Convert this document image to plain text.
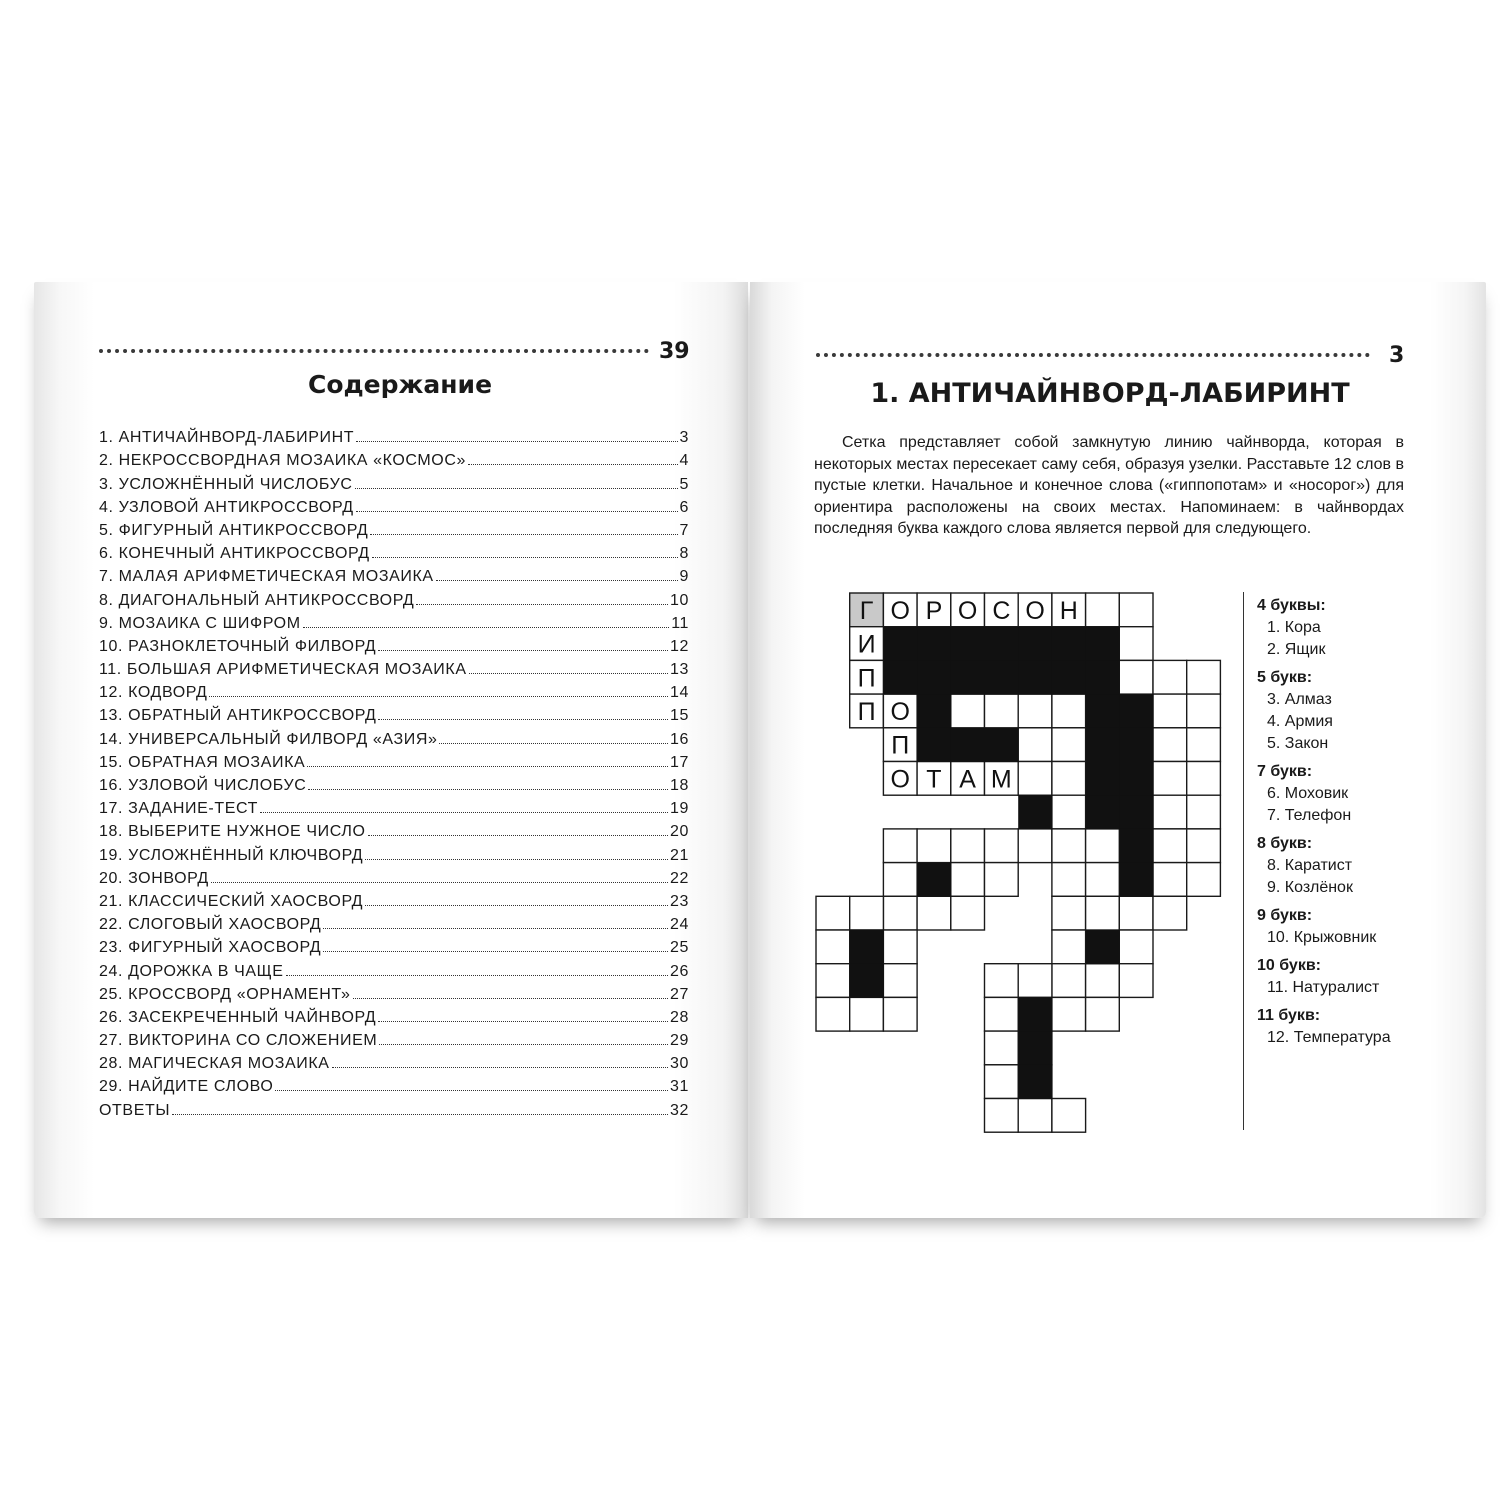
39
Содержание
1. АНТИЧАЙНВОРД-ЛАБИРИНТ	3
2. НЕКРОССВОРДНАЯ МОЗАИКА «КОСМОС»	4
3. УСЛОЖНЁННЫЙ ЧИСЛОБУС	5
4. УЗЛОВОЙ АНТИКРОССВОРД	6
5. ФИГУРНЫЙ АНТИКРОССВОРД	7
6. КОНЕЧНЫЙ АНТИКРОССВОРД	8
7. МАЛАЯ АРИФМЕТИЧЕСКАЯ МОЗАИКА	9
8. ДИАГОНАЛЬНЫЙ АНТИКРОССВОРД	10
9. МОЗАИКА С ШИФРОМ	11
10. РАЗНОКЛЕТОЧНЫЙ ФИЛВОРД	12
11. БОЛЬШАЯ АРИФМЕТИЧЕСКАЯ МОЗАИКА	13
12. КОДВОРД	14
13. ОБРАТНЫЙ АНТИКРОССВОРД	15
14. УНИВЕРСАЛЬНЫЙ ФИЛВОРД «АЗИЯ»	16
15. ОБРАТНАЯ МОЗАИКА	17
16. УЗЛОВОЙ ЧИСЛОБУС	18
17. ЗАДАНИЕ-ТЕСТ	19
18. ВЫБЕРИТЕ НУЖНОЕ ЧИСЛО	20
19. УСЛОЖНЁННЫЙ КЛЮЧВОРД	21
20. ЗОНВОРД	22
21. КЛАССИЧЕСКИЙ ХАОСВОРД	23
22. СЛОГОВЫЙ ХАОСВОРД	24
23. ФИГУРНЫЙ ХАОСВОРД	25
24. ДОРОЖКА В ЧАЩЕ	26
25. КРОССВОРД «ОРНАМЕНТ»	27
26. ЗАСЕКРЕЧЕННЫЙ ЧАЙНВОРД	28
27. ВИКТОРИНА СО СЛОЖЕНИЕМ	29
28. МАГИЧЕСКАЯ МОЗАИКА	30
29. НАЙДИТЕ СЛОВО	31
ОТВЕТЫ	32
3
1. АНТИЧАЙНВОРД-ЛАБИРИНТ
Сетка представляет собой замкнутую линию чайнворда, которая в некоторых местах пересекает саму себя, образуя узелки. Расставьте 12 слов в пустые клетки. Начальное и конечное слова («гиппопотам» и «носорог») для ориентира расположены на своих местах. Напоминаем: в чайнвордах последняя буква каждого слова является первой для следующего.
Г О Р О С О Н
И
П
П О
П
О Т А М
4 буквы:
1. Кора
2. Ящик
5 букв:
3. Алмаз
4. Армия
5. Закон
7 букв:
6. Моховик
7. Телефон
8 букв:
8. Каратист
9. Козлёнок
9 букв:
10. Крыжовник
10 букв:
11. Натуралист
11 букв:
12. Температура
